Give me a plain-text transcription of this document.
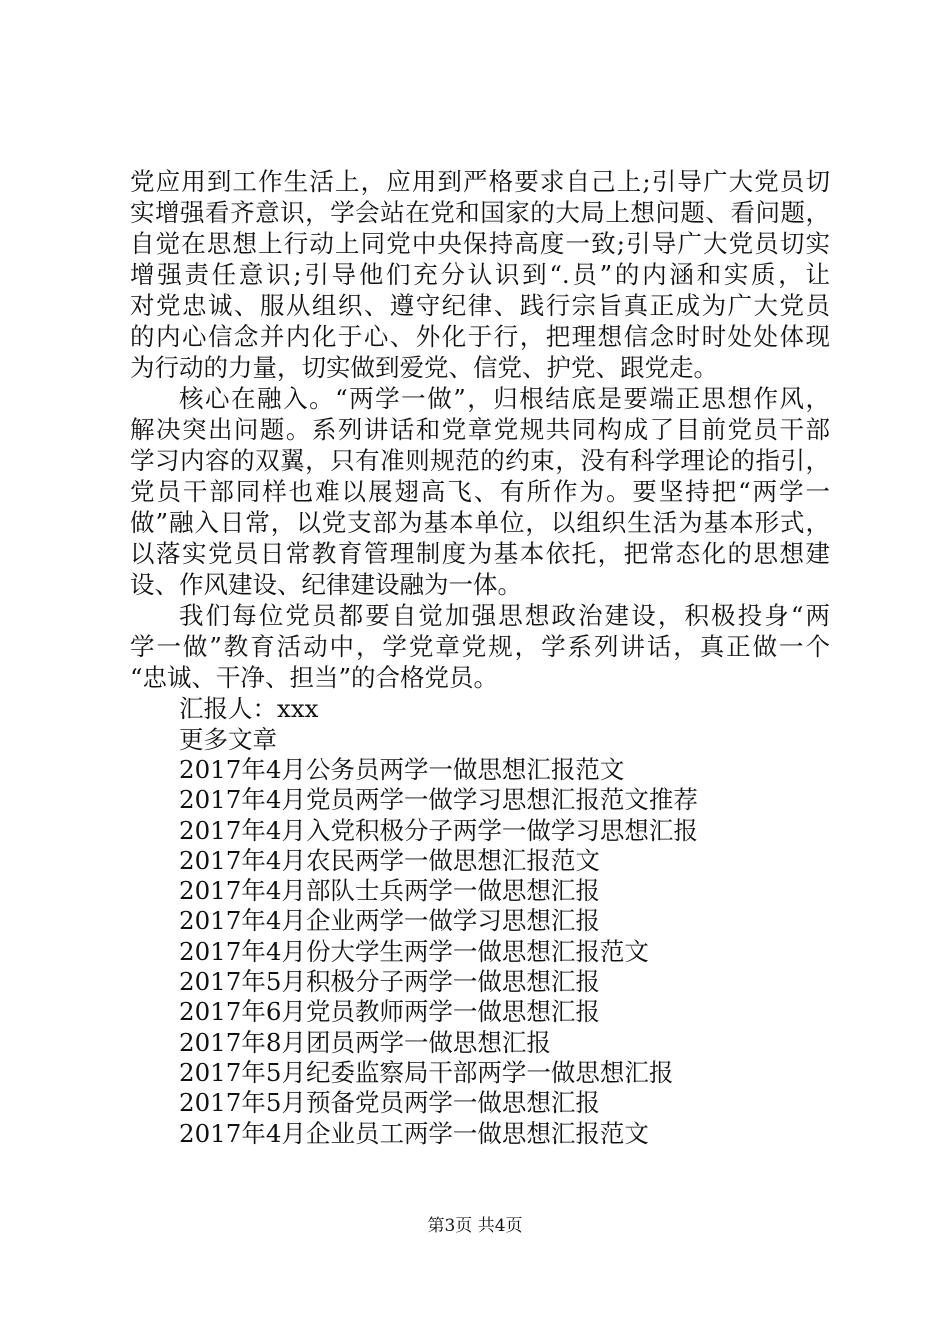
党应用到工作生活上，应用到严格要求自己上;引导广大党员切
实增强看齐意识，学会站在党和国家的大局上想问题、看问题，
自觉在思想上行动上同党中央保持高度一致;引导广大党员切实
增强责任意识;引导他们充分认识到“.员”的内涵和实质，让
对党忠诚、服从组织、遵守纪律、践行宗旨真正成为广大党员
的内心信念并内化于心、外化于行，把理想信念时时处处体现
为行动的力量，切实做到爱党、信党、护党、跟党走。
核心在融入。“两学一做”，归根结底是要端正思想作风，
解决突出问题。系列讲话和党章党规共同构成了目前党员干部
学习内容的双翼，只有准则规范的约束，没有科学理论的指引，
党员干部同样也难以展翅高飞、有所作为。要坚持把“两学一
做”融入日常，以党支部为基本单位，以组织生活为基本形式，
以落实党员日常教育管理制度为基本依托，把常态化的思想建
设、作风建设、纪律建设融为一体。
我们每位党员都要自觉加强思想政治建设，积极投身“两
学一做”教育活动中，学党章党规，学系列讲话，真正做一个
“忠诚、干净、担当”的合格党员。
汇报人：xxx
更多文章
2017年4月公务员两学一做思想汇报范文
2017年4月党员两学一做学习思想汇报范文推荐
2017年4月入党积极分子两学一做学习思想汇报
2017年4月农民两学一做思想汇报范文
2017年4月部队士兵两学一做思想汇报
2017年4月企业两学一做学习思想汇报
2017年4月份大学生两学一做思想汇报范文
2017年5月积极分子两学一做思想汇报
2017年6月党员教师两学一做思想汇报
2017年8月团员两学一做思想汇报
2017年5月纪委监察局干部两学一做思想汇报
2017年5月预备党员两学一做思想汇报
2017年4月企业员工两学一做思想汇报范文
第3页 共4页
